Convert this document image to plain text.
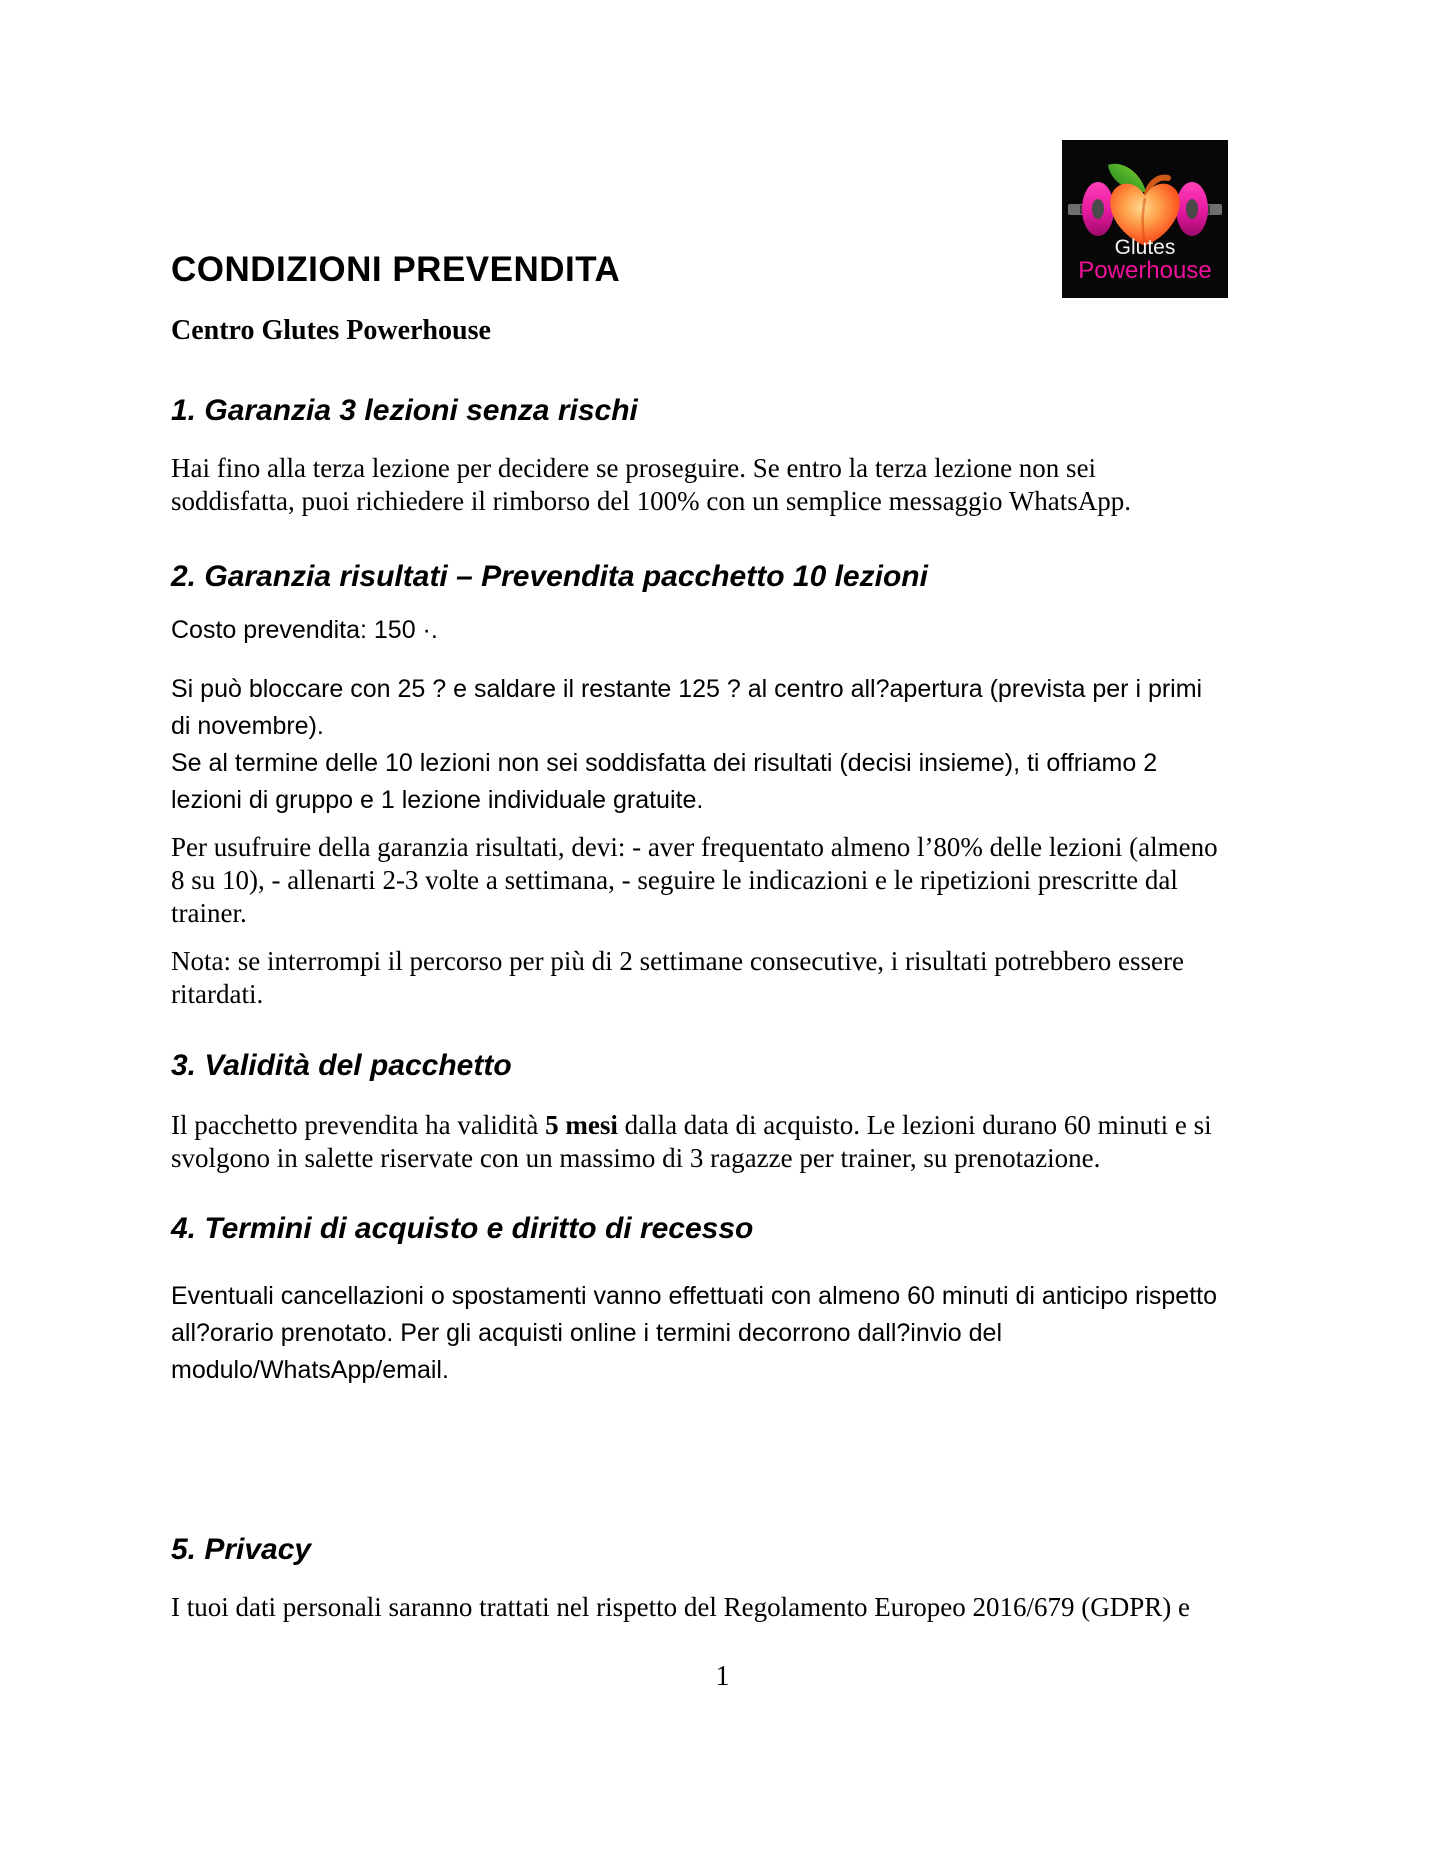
Glutes
Powerhouse
CONDIZIONI PREVENDITA
Centro Glutes Powerhouse
1. Garanzia 3 lezioni senza rischi
Hai fino alla terza lezione per decidere se proseguire. Se entro la terza lezione non sei
soddisfatta, puoi richiedere il rimborso del 100% con un semplice messaggio WhatsApp.
2. Garanzia risultati – Prevendita pacchetto 10 lezioni
Costo prevendita: 150 ·.
Si può bloccare con 25 ? e saldare il restante 125 ? al centro all?apertura (prevista per i primi
di novembre).
Se al termine delle 10 lezioni non sei soddisfatta dei risultati (decisi insieme), ti offriamo 2
lezioni di gruppo e 1 lezione individuale gratuite.
Per usufruire della garanzia risultati, devi: - aver frequentato almeno l’80% delle lezioni (almeno
8 su 10), - allenarti 2-3 volte a settimana, - seguire le indicazioni e le ripetizioni prescritte dal
trainer.
Nota: se interrompi il percorso per più di 2 settimane consecutive, i risultati potrebbero essere
ritardati.
3. Validità del pacchetto
Il pacchetto prevendita ha validità 5 mesi dalla data di acquisto. Le lezioni durano 60 minuti e si
svolgono in salette riservate con un massimo di 3 ragazze per trainer, su prenotazione.
4. Termini di acquisto e diritto di recesso
Eventuali cancellazioni o spostamenti vanno effettuati con almeno 60 minuti di anticipo rispetto
all?orario prenotato. Per gli acquisti online i termini decorrono dall?invio del
modulo/WhatsApp/email.
5. Privacy
I tuoi dati personali saranno trattati nel rispetto del Regolamento Europeo 2016/679 (GDPR) e
1
